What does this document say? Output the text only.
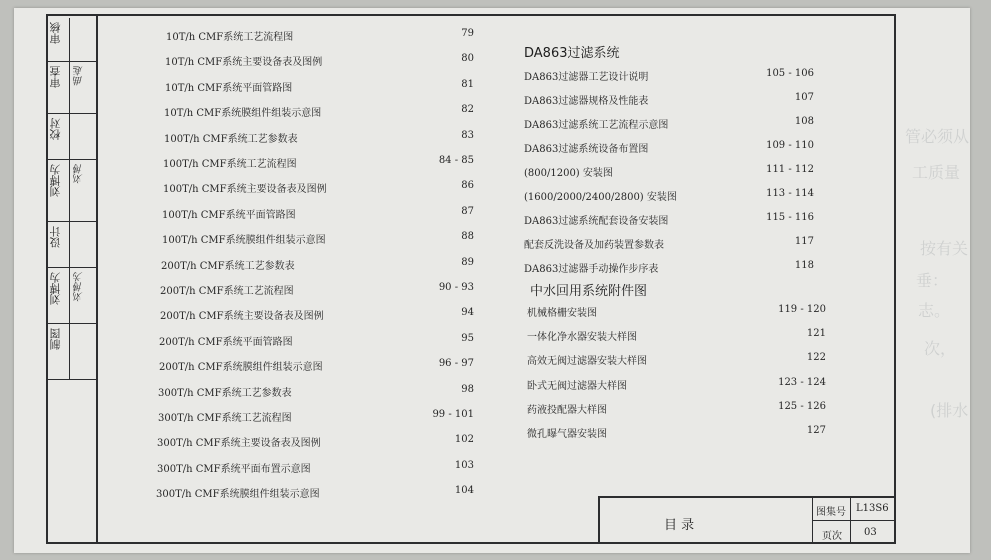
管必须从
工质量
按有关
垂：
志。
次，
(排水
审核
审查	曲起
校对
刘博为	刘博
设计
刘博为	刘博为
制图
10T/h CMF系统工艺流程图	79
10T/h CMF系统主要设备表及图例	80
10T/h CMF系统平面管路图	81
10T/h CMF系统膜组件组装示意图	82
100T/h CMF系统工艺参数表	83
100T/h CMF系统工艺流程图	84 - 85
100T/h CMF系统主要设备表及图例	86
100T/h CMF系统平面管路图	87
100T/h CMF系统膜组件组装示意图	88
200T/h CMF系统工艺参数表	89
200T/h CMF系统工艺流程图	90 - 93
200T/h CMF系统主要设备表及图例	94
200T/h CMF系统平面管路图	95
200T/h CMF系统膜组件组装示意图	96 - 97
300T/h CMF系统工艺参数表	98
300T/h CMF系统工艺流程图	99 - 101
300T/h CMF系统主要设备表及图例	102
300T/h CMF系统平面布置示意图	103
300T/h CMF系统膜组件组装示意图	104
DA863过滤系统
DA863过滤器工艺设计说明	105 - 106
DA863过滤器规格及性能表	107
DA863过滤系统工艺流程示意图	108
DA863过滤系统设备布置图	109 - 110
(800/1200) 安装图	111 - 112
(1600/2000/2400/2800) 安装图	113 - 114
DA863过滤系统配套设备安装图	115 - 116
配套反洗设备及加药装置参数表	117
DA863过滤器手动操作步序表	118
中水回用系统附件图
机械格栅安装图	119 - 120
一体化净水器安装大样图	121
高效无阀过滤器安装大样图	122
卧式无阀过滤器大样图	123 - 124
药液投配器大样图	125 - 126
微孔曝气器安装图	127
目 录
图集号 L13S6
页次 03
